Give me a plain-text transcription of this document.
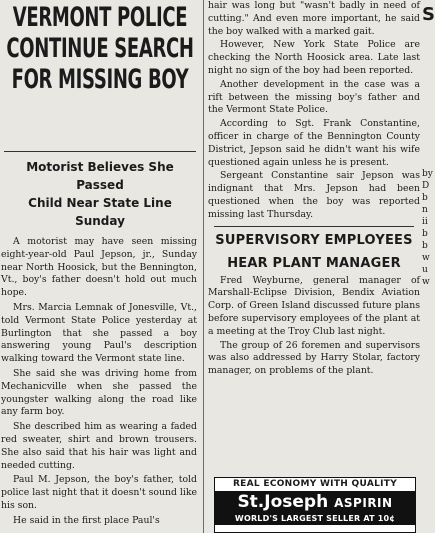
VERMONT POLICE
CONTINUE SEARCH
FOR MISSING BOY
Motorist Believes She Passed
Child Near State Line
Sunday

A motorist may have seen missing eight-year-old Paul Jepson, jr., Sunday near North Hoosick, but the Bennington, Vt., boy's father doesn't hold out much hope.

Mrs. Marcia Lemnak of Jonesville, Vt., told Vermont State Police yesterday at Burlington that she passed a boy answering young Paul's description walking toward the Vermont state line.

She said she was driving home from Mechanicville when she passed the youngster walking along the road like any farm boy.

She described him as wearing a faded red sweater, shirt and brown trousers. She also said that his hair was light and needed cutting.

Paul M. Jepson, the boy's father, told police last night that it doesn't sound like his son.

He said in the first place Paul's

hair was long but "wasn't badly in need of cutting." And even more important, he said the boy walked with a marked gait.

However, New York State Police are checking the North Hoosick area. Late last night no sign of the boy had been reported.

Another development in the case was a rift between the missing boy's father and the Vermont State Police.

According to Sgt. Frank Constantine, officer in charge of the Bennington County District, Jepson said he didn't want his wife questioned again unless he is present.

Sergeant Constantine sair Jepson was indignant that Mrs. Jepson had been questioned when the boy was reported missing last Thursday.

SUPERVISORY EMPLOYEES
HEAR PLANT MANAGER

Fred Weyburne, general manager of Marshall-Eclipse Division, Bendix Aviation Corp. of Green Island discussed future plans before supervisory employees of the plant at a meeting at the Troy Club last night.

The group of 26 foremen and supervisors was also addressed by Harry Stolar, factory manager, on problems of the plant.

REAL ECONOMY WITH QUALITY
St.Joseph ASPIRIN
WORLD'S LARGEST SELLER AT 10¢
S
by
D
b
n
ii
b
b
w
u
w
